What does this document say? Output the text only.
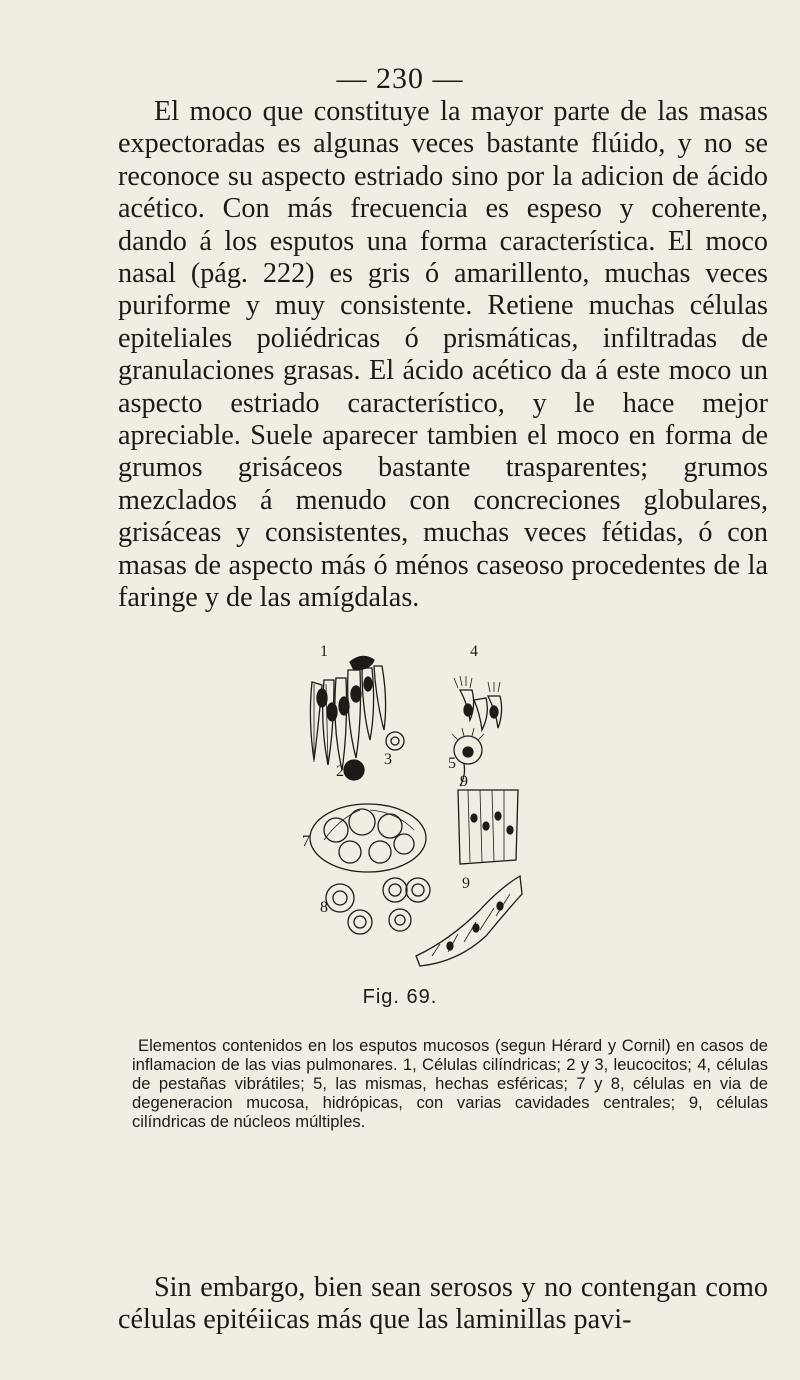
— 230 —

El moco que constituye la mayor parte de las masas expectoradas es algunas veces bastante flúido, y no se reconoce su aspecto estriado sino por la adicion de ácido acético. Con más frecuencia es espeso y coherente, dando á los esputos una forma característica. El moco nasal (pág. 222) es gris ó amarillento, muchas veces puriforme y muy consistente. Retiene muchas células epiteliales poliédricas ó prismáticas, infiltradas de granulaciones grasas. El ácido acético da á este moco un aspecto estriado característico, y le hace mejor apreciable. Suele aparecer tambien el moco en forma de grumos grisáceos bastante trasparentes; grumos mezclados á menudo con concreciones globulares, grisáceas y consistentes, muchas veces fétidas, ó con masas de aspecto más ó ménos caseoso procedentes de la faringe y de las amígdalas.

1	4
2
3	5
7
9
9
8
Fig. 69.

Elementos contenidos en los esputos mucosos (segun Hérard y Cornil) en casos de inflamacion de las vias pulmonares. 1, Células cilíndricas; 2 y 3, leucocitos; 4, células de pestañas vibrátiles; 5, las mismas, hechas esféricas; 7 y 8, células en via de degeneracion mucosa, hidrópicas, con varias cavidades centrales; 9, células cilíndricas de núcleos múltiples.

Sin embargo, bien sean serosos y no contengan como células epitéiicas más que las laminillas pavi-
